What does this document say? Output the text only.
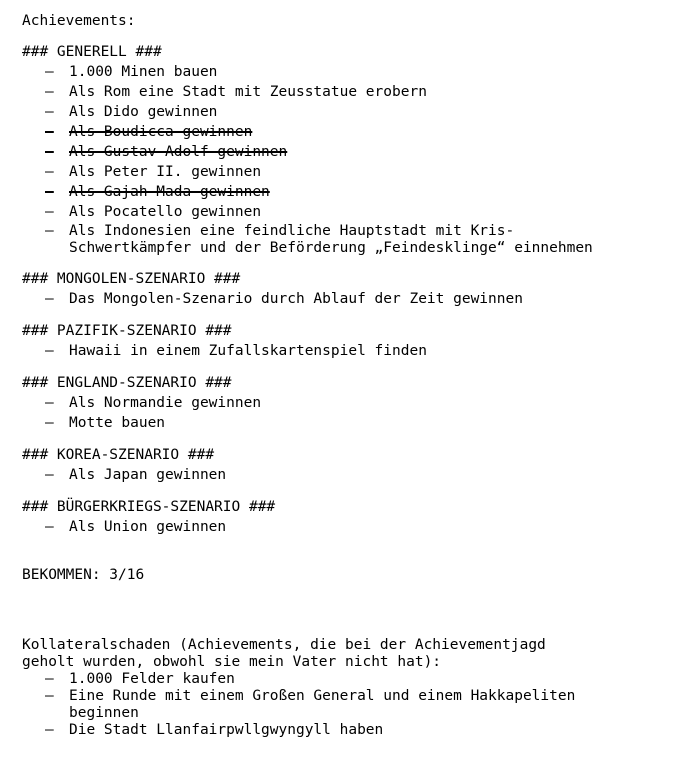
Achievements:

### GENERELL ###

– 1.000 Minen bauen
– Als Rom eine Stadt mit Zeusstatue erobern
– Als Dido gewinnen
– Als Boudicca gewinnen
– Als Gustav Adolf gewinnen
– Als Peter II. gewinnen
– Als Gajah Mada gewinnen
– Als Pocatello gewinnen
– Als Indonesien eine feindliche Hauptstadt mit Kris-
Schwertkämpfer und der Beförderung „Feindesklinge“ einnehmen

### MONGOLEN-SZENARIO ###

– Das Mongolen-Szenario durch Ablauf der Zeit gewinnen

### PAZIFIK-SZENARIO ###

– Hawaii in einem Zufallskartenspiel finden

### ENGLAND-SZENARIO ###

– Als Normandie gewinnen
– Motte bauen

### KOREA-SZENARIO ###

– Als Japan gewinnen

### BÜRGERKRIEGS-SZENARIO ###

– Als Union gewinnen

BEKOMMEN: 3/16

Kollateralschaden (Achievements, die bei der Achievementjagd
geholt wurden, obwohl sie mein Vater nicht hat):

– 1.000 Felder kaufen
– Eine Runde mit einem Großen General und einem Hakkapeliten
beginnen
– Die Stadt Llanfairpwllgwyngyll haben
